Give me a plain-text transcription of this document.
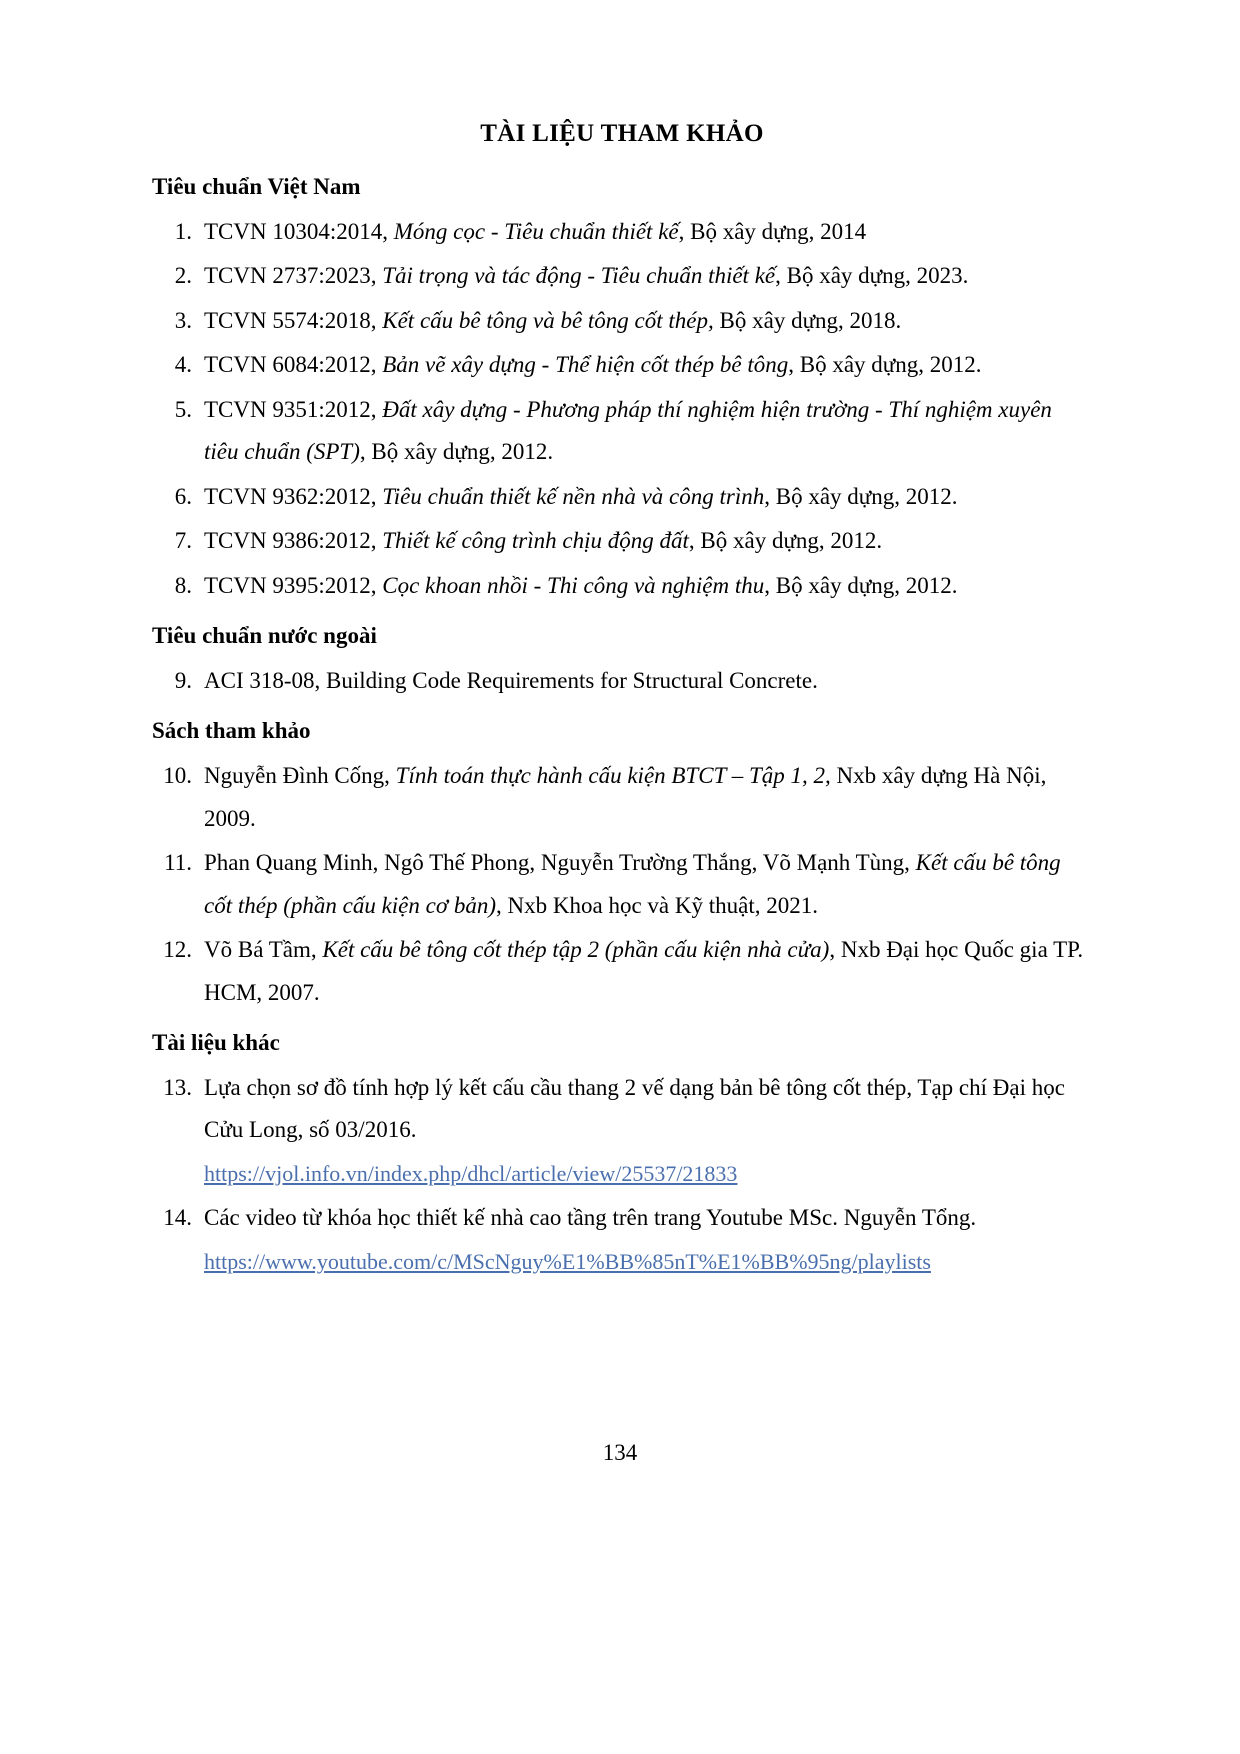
TÀI LIỆU THAM KHẢO
Tiêu chuẩn Việt Nam
1. TCVN 10304:2014, Móng cọc - Tiêu chuẩn thiết kế, Bộ xây dựng, 2014
2. TCVN 2737:2023, Tải trọng và tác động - Tiêu chuẩn thiết kế, Bộ xây dựng, 2023.
3. TCVN 5574:2018, Kết cấu bê tông và bê tông cốt thép, Bộ xây dựng, 2018.
4. TCVN 6084:2012, Bản vẽ xây dựng - Thể hiện cốt thép bê tông, Bộ xây dựng, 2012.
5. TCVN 9351:2012, Đất xây dựng - Phương pháp thí nghiệm hiện trường - Thí nghiệm xuyên tiêu chuẩn (SPT), Bộ xây dựng, 2012.
6. TCVN 9362:2012, Tiêu chuẩn thiết kế nền nhà và công trình, Bộ xây dựng, 2012.
7. TCVN 9386:2012, Thiết kế công trình chịu động đất, Bộ xây dựng, 2012.
8. TCVN 9395:2012, Cọc khoan nhồi - Thi công và nghiệm thu, Bộ xây dựng, 2012.
Tiêu chuẩn nước ngoài
9. ACI 318-08, Building Code Requirements for Structural Concrete.
Sách tham khảo
10. Nguyễn Đình Cống, Tính toán thực hành cấu kiện BTCT – Tập 1, 2, Nxb xây dựng Hà Nội, 2009.
11. Phan Quang Minh, Ngô Thế Phong, Nguyễn Trường Thắng, Võ Mạnh Tùng, Kết cấu bê tông cốt thép (phần cấu kiện cơ bản), Nxb Khoa học và Kỹ thuật, 2021.
12. Võ Bá Tầm, Kết cấu bê tông cốt thép tập 2 (phần cấu kiện nhà cửa), Nxb Đại học Quốc gia TP. HCM, 2007.
Tài liệu khác
13. Lựa chọn sơ đồ tính hợp lý kết cấu cầu thang 2 vế dạng bản bê tông cốt thép, Tạp chí Đại học Cửu Long, số 03/2016.
https://vjol.info.vn/index.php/dhcl/article/view/25537/21833
14. Các video từ khóa học thiết kế nhà cao tầng trên trang Youtube MSc. Nguyễn Tổng.
https://www.youtube.com/c/MScNguy%E1%BB%85nT%E1%BB%95ng/playlists
134
